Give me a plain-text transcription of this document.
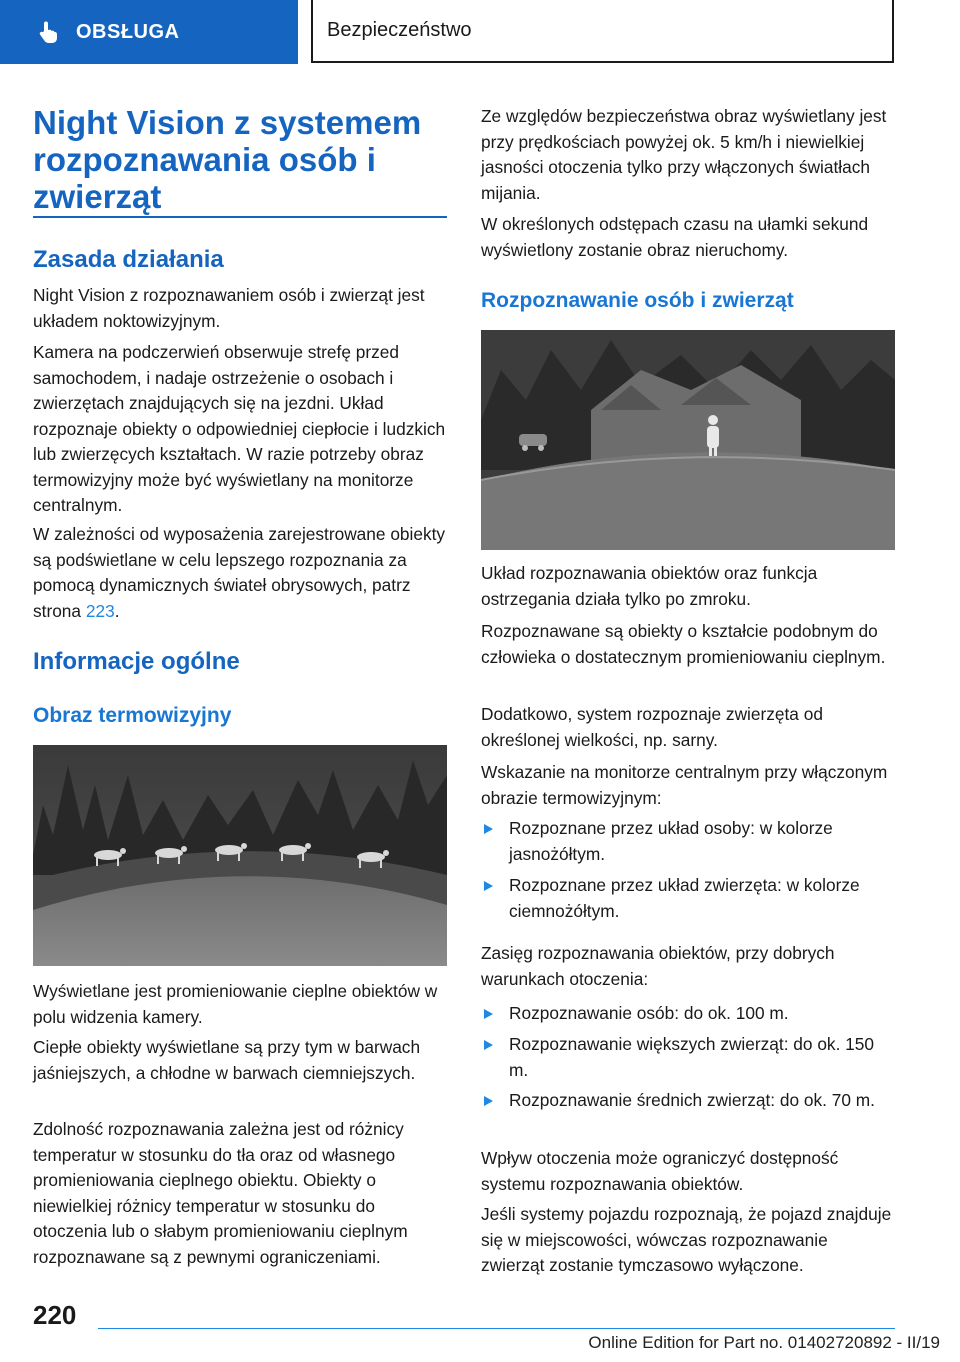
OBSŁUGA	Bezpieczeństwo
Night Vision z systemem rozpoznawania osób i zwierząt
Zasada działania

Night Vision z rozpoznawaniem osób i zwierząt jest układem noktowizyjnym.

Kamera na podczerwień obserwuje strefę przed samochodem, i nadaje ostrzeżenie o osobach i zwierzętach znajdujących się na jezdni. Układ rozpoznaje obiekty o odpowiedniej ciepłocie i ludzkich lub zwierzęcych kształtach. W razie potrzeby obraz termowizyjny może być wyświetlany na monitorze centralnym.

W zależności od wyposażenia zarejestrowane obiekty są podświetlane w celu lepszego rozpoznania za pomocą dynamicznych świateł obrysowych, patrz strona 223.

Informacje ogólne
Obraz termowizyjny

Wyświetlane jest promieniowanie cieplne obiektów w polu widzenia kamery.

Ciepłe obiekty wyświetlane są przy tym w barwach jaśniejszych, a chłodne w barwach ciemniejszych.

Zdolność rozpoznawania zależna jest od różnicy temperatur w stosunku do tła oraz od własnego promieniowania cieplnego obiektu. Obiekty o niewielkiej różnicy temperatur w stosunku do otoczenia lub o słabym promieniowaniu cieplnym rozpoznawane są z pewnymi ograniczeniami.

Ze względów bezpieczeństwa obraz wyświetlany jest przy prędkościach powyżej ok. 5 km/h i niewielkiej jasności otoczenia tylko przy włączonych światłach mijania.

W określonych odstępach czasu na ułamki sekund wyświetlony zostanie obraz nieruchomy.

Rozpoznawanie osób i zwierząt

Układ rozpoznawania obiektów oraz funkcja ostrzegania działa tylko po zmroku.

Rozpoznawane są obiekty o kształcie podobnym do człowieka o dostatecznym promieniowaniu cieplnym.

Dodatkowo, system rozpoznaje zwierzęta od określonej wielkości, np. sarny.

Wskazanie na monitorze centralnym przy włączonym obrazie termowizyjnym:

Rozpoznane przez układ osoby: w kolorze jasnożółtym.
Rozpoznane przez układ zwierzęta: w kolorze ciemnożółtym.

Zasięg rozpoznawania obiektów, przy dobrych warunkach otoczenia:

Rozpoznawanie osób: do ok. 100 m.
Rozpoznawanie większych zwierząt: do ok. 150 m.
Rozpoznawanie średnich zwierząt: do ok. 70 m.

Wpływ otoczenia może ograniczyć dostępność systemu rozpoznawania obiektów.

Jeśli systemy pojazdu rozpoznają, że pojazd znajduje się w miejscowości, wówczas rozpoznawanie zwierząt zostanie tymczasowo wyłączone.

220
Online Edition for Part no. 01402720892 - II/19
